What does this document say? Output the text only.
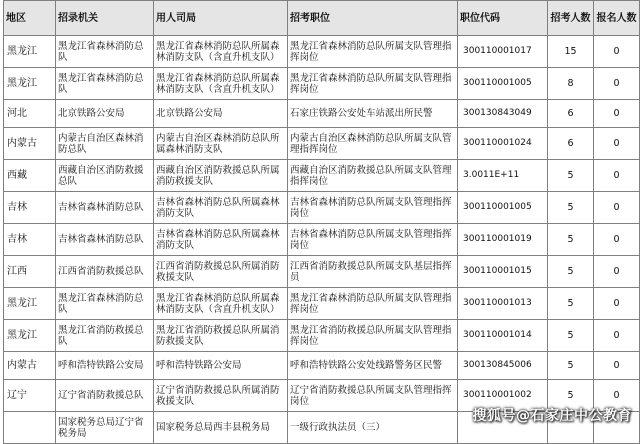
地区	招录机关	用人司局	招考职位	职位代码	招考人数	报名人数
黑龙江	黑龙江省森林消防总队	黑龙江省森林消防总队所属森林消防支队（含直升机支队）	黑龙江省森林消防总队所属支队管理指挥岗位	300110001017	15	0
黑龙江	黑龙江省森林消防总队	黑龙江省森林消防总队所属森林消防支队（含直升机支队）	黑龙江省森林消防总队所属支队管理指挥岗位	300110001005	8	0
河北	北京铁路公安局	北京铁路公安局	石家庄铁路公安处车站派出所民警	300130843049	6	0
内蒙古	内蒙古自治区森林消防总队	内蒙古自治区森林消防总队所属森林消防支队	内蒙古自治区森林消防总队所属支队管理指挥岗位	300110001024	6	0
西藏	西藏自治区消防救援总队	西藏自治区消防救援总队所属消防救援支队	西藏自治区消防救援总队所属支队管理指挥岗位	3.0011E+11	5	0
吉林	吉林省森林消防总队	吉林省森林消防总队所属森林消防支队	吉林省森林消防总队所属支队管理指挥岗位	300110001005	5	0
吉林	吉林省森林消防总队	吉林省森林消防总队所属森林消防支队	吉林省森林消防总队所属支队管理指挥岗位	300110001019	5	0
江西	江西省消防救援总队	江西省消防救援总队所属消防救援支队	江西省消防救援总队所属支队基层指挥员	300110001015	5	0
黑龙江	黑龙江省森林消防总队	黑龙江省森林消防总队所属森林消防支队（含直升机支队）	黑龙江省森林消防总队所属支队管理指挥岗位	300110001013	5	0
黑龙江	黑龙江省消防救援总队	黑龙江省消防救援总队所属消防救援支队	黑龙江省消防救援总队所属支队管理指挥岗位	300110001014	5	0
内蒙古	呼和浩特铁路公安局	呼和浩特铁路公安局	呼和浩特铁路公安处线路警务区民警	300130845006	5	0
辽宁	辽宁省消防救援总队	辽宁省消防救援总队所属消防救援支队	辽宁省消防救援总队所属支队管理指挥岗位	300110001002	5	0
	国家税务总局辽宁省税务局	国家税务总局西丰县税务局	一级行政执法员（三）			
搜狐号@石家庄中公教育
